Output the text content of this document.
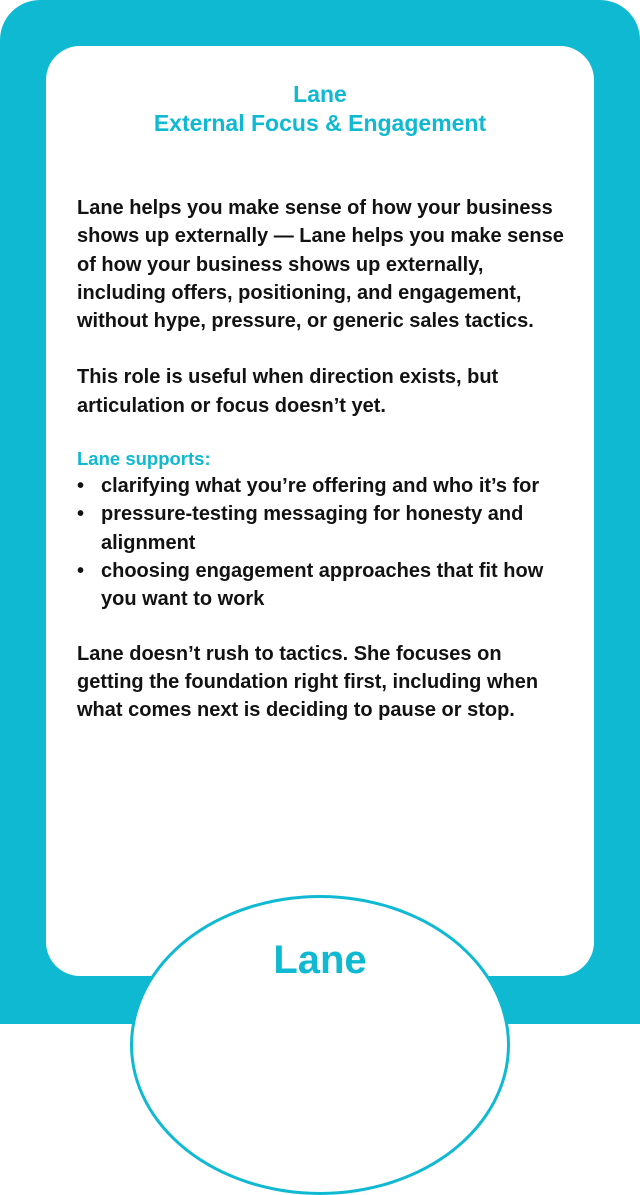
Lane
External Focus & Engagement

Lane helps you make sense of how your business shows up externally — Lane helps you make sense of how your business shows up externally, including offers, positioning, and engagement, without hype, pressure, or generic sales tactics.

This role is useful when direction exists, but articulation or focus doesn’t yet.

Lane supports:

• clarifying what you’re offering and who it’s for
• pressure-testing messaging for honesty and alignment
• choosing engagement approaches that fit how you want to work

Lane doesn’t rush to tactics. She focuses on getting the foundation right first, including when what comes next is deciding to pause or stop.

Lane
